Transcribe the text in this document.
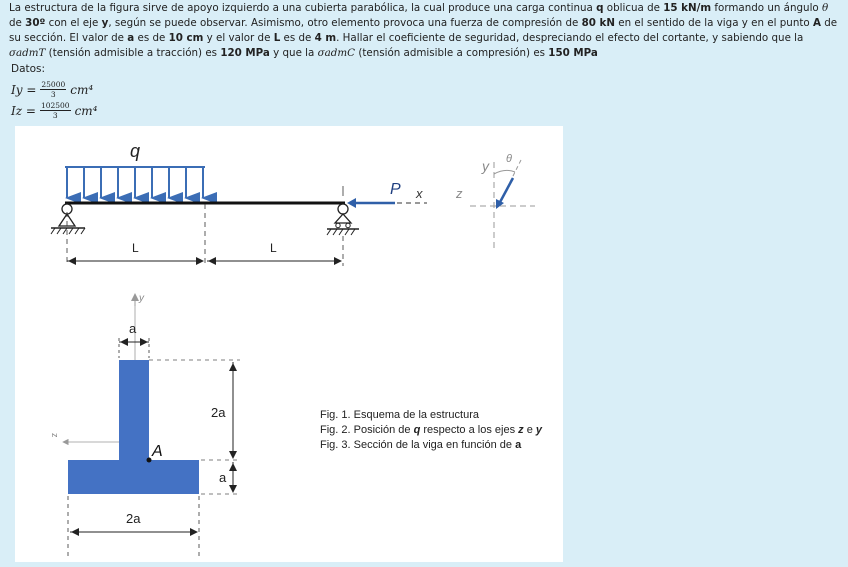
La estructura de la figura sirve de apoyo izquierdo a una cubierta parabólica, la cual produce una carga continua q oblicua de 15 kN/m formando un ángulo θ de 30º con el eje y, según se puede observar. Asimismo, otro elemento provoca una fuerza de compresión de 80 kN en el sentido de la viga y en el punto A de su sección. El valor de a es de 10 cm y el valor de L es de 4 m. Hallar el coeficiente de seguridad, despreciando el efecto del cortante, y sabiendo que la σadmT (tensión admisible a tracción) es 120 MPa y que la σadmC (tensión admisible a compresión) es 150 MPa
Datos:
$Iy = \frac{25000}{3} cm^4$
$Iz = \frac{102500}{3} cm^4$
q
P x
L	L
y θ
z
y
z
A
a
2a
a
2a
Fig. 1. Esquema de la estructura
Fig. 2. Posición de q respecto a los ejes z e y
Fig. 3. Sección de la viga en función de a
